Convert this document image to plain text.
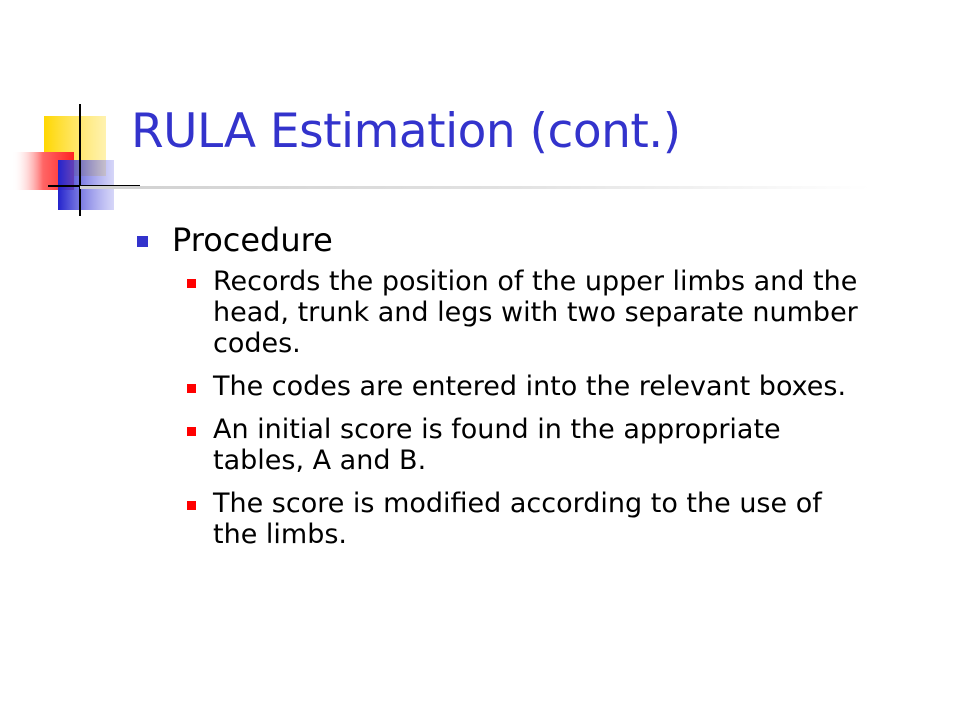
RULA Estimation (cont.)
Procedure
Records the position of the upper limbs and the head, trunk and legs with two separate number codes.
The codes are entered into the relevant boxes.
An initial score is found in the appropriate tables, A and B.
The score is modified according to the use of the limbs.
